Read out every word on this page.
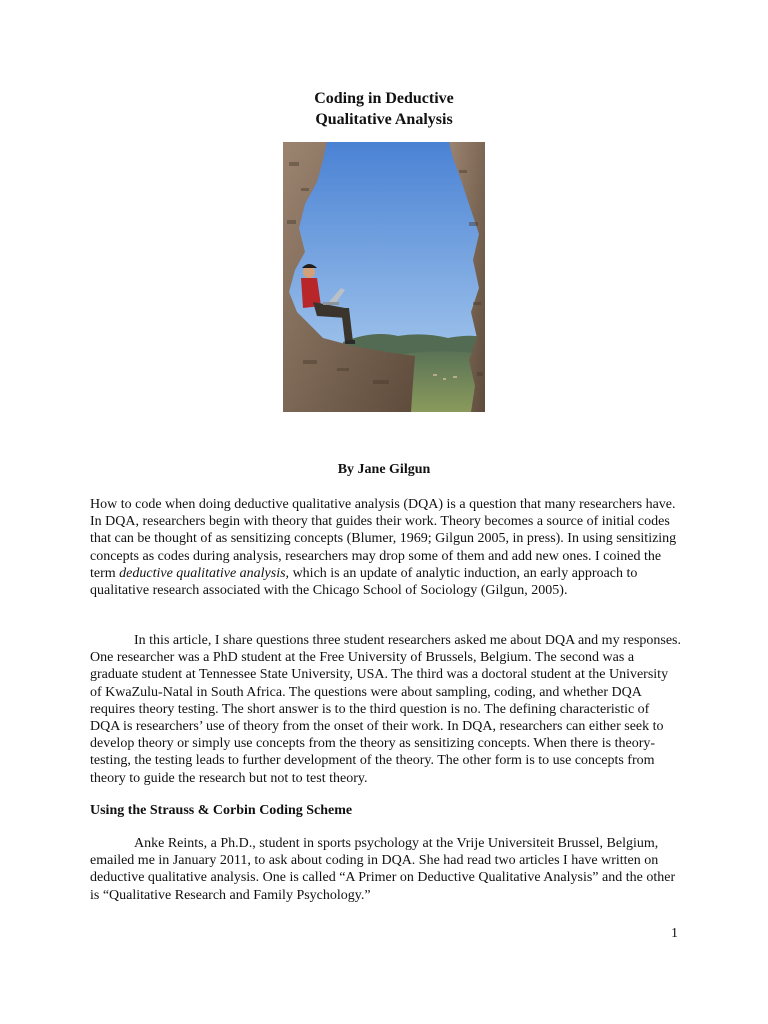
Coding in Deductive
Qualitative Analysis
By Jane Gilgun

How to code when doing deductive qualitative analysis (DQA) is a question that many researchers have. In DQA, researchers begin with theory that guides their work. Theory becomes a source of initial codes that can be thought of as sensitizing concepts (Blumer, 1969; Gilgun 2005, in press). In using sensitizing concepts as codes during analysis, researchers may drop some of them and add new ones. I coined the term deductive qualitative analysis, which is an update of analytic induction, an early approach to qualitative research associated with the Chicago School of Sociology (Gilgun, 2005).

In this article, I share questions three student researchers asked me about DQA and my responses. One researcher was a PhD student at the Free University of Brussels, Belgium. The second was a graduate student at Tennessee State University, USA. The third was a doctoral student at the University of KwaZulu-Natal in South Africa. The questions were about sampling, coding, and whether DQA requires theory testing. The short answer is to the third question is no. The defining characteristic of DQA is researchers’ use of theory from the onset of their work. In DQA, researchers can either seek to develop theory or simply use concepts from the theory as sensitizing concepts. When there is theory-testing, the testing leads to further development of the theory. The other form is to use concepts from theory to guide the research but not to test theory.

Using the Strauss & Corbin Coding Scheme

Anke Reints, a Ph.D., student in sports psychology at the Vrije Universiteit Brussel, Belgium, emailed me in January 2011, to ask about coding in DQA. She had read two articles I have written on deductive qualitative analysis. One is called “A Primer on Deductive Qualitative Analysis” and the other is “Qualitative Research and Family Psychology.”

1
